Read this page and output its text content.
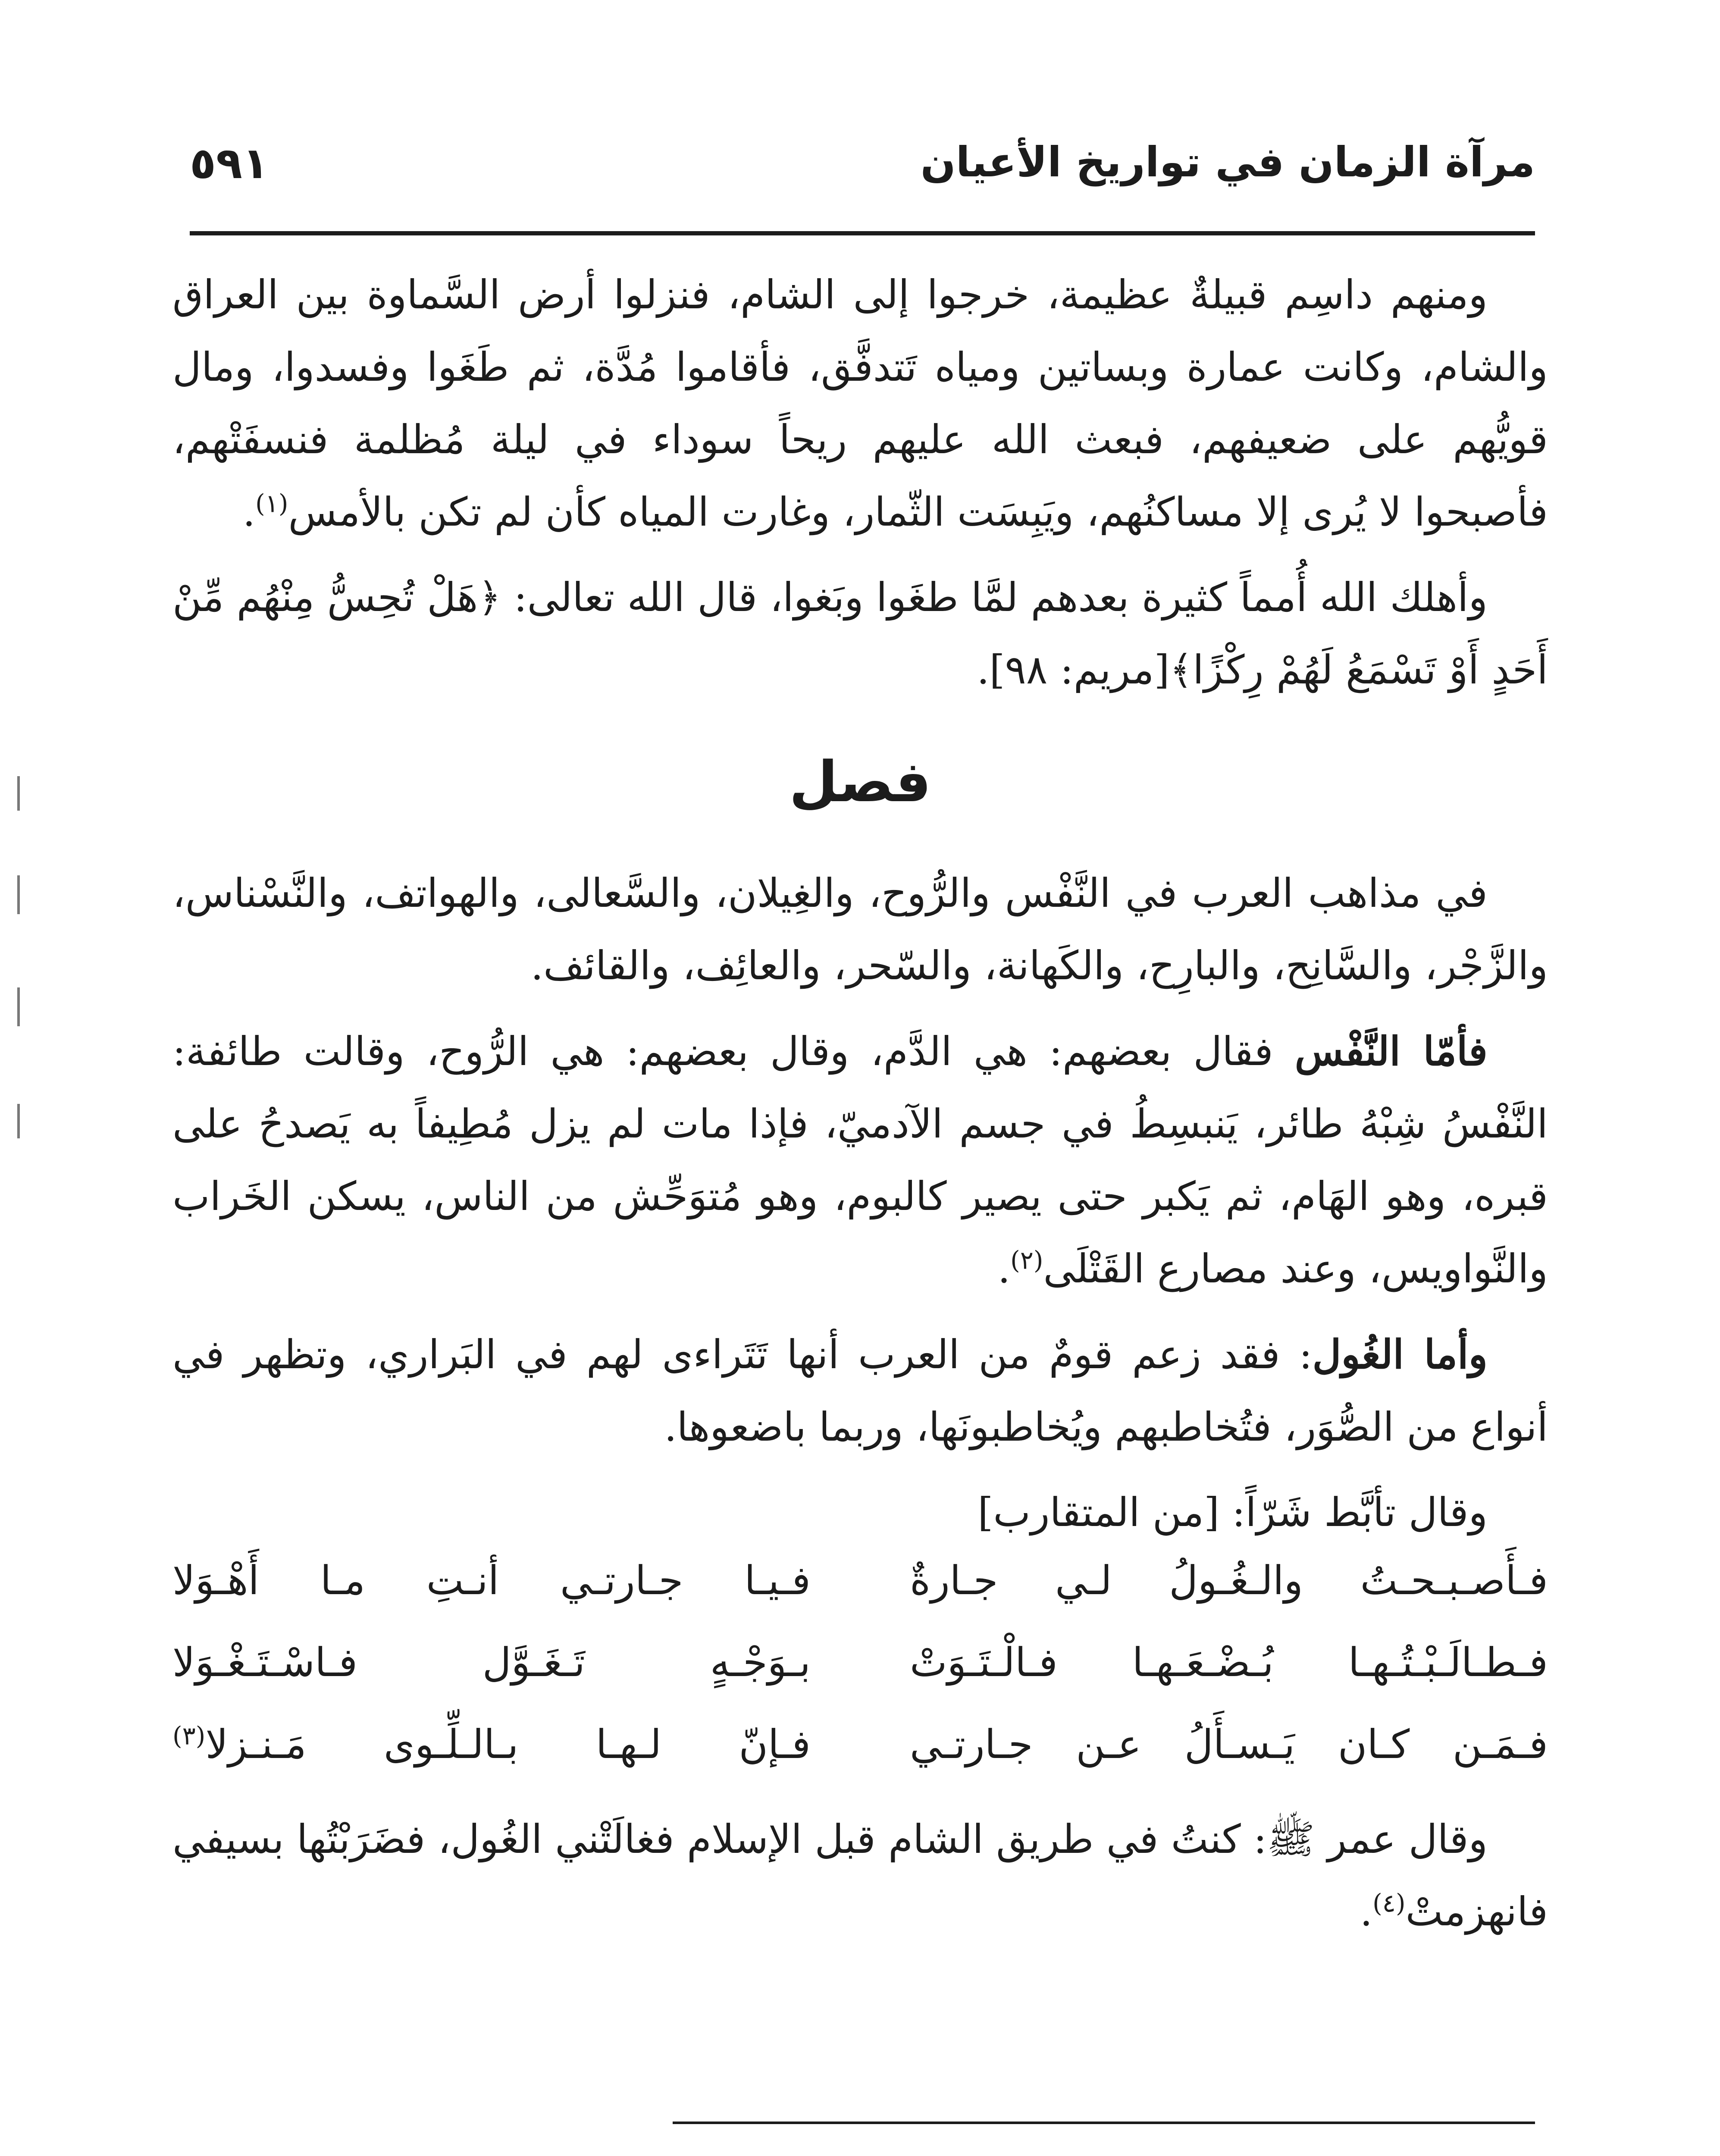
مرآة الزمان في تواريخ الأعيان
٥٩١

ومنهم داسِم قبيلةٌ عظيمة، خرجوا إلى الشام، فنزلوا أرض السَّماوة بين العراق والشام، وكانت عمارة وبساتين ومياه تَتدفَّق، فأقاموا مُدَّة، ثم طَغَوا وفسدوا، ومال قويُّهم على ضعيفهم، فبعث الله عليهم ريحاً سوداء في ليلة مُظلمة فنسفَتْهم، فأصبحوا لا يُرى إلا مساكنُهم، ويَبِسَت الثّمار، وغارت المياه كأن لم تكن بالأمس$^{(١)}$.

وأهلك الله أُمماً كثيرة بعدهم لمَّا طغَوا وبَغوا، قال الله تعالى: ﴿هَلْ تُحِسُّ مِنْهُم مِّنْ أَحَدٍ أَوْ تَسْمَعُ لَهُمْ رِكْزًا﴾[مريم: ٩٨].

فصل

في مذاهب العرب في النَّفْس والرُّوح، والغِيلان، والسَّعالى، والهواتف، والنَّسْناس، والزَّجْر، والسَّانِح، والبارِح، والكَهانة، والسّحر، والعائِف، والقائف.

فأمّا النَّفْس فقال بعضهم: هي الدَّم، وقال بعضهم: هي الرُّوح، وقالت طائفة: النَّفْسُ شِبْهُ طائر، يَنبسِطُ في جسم الآدميّ، فإذا مات لم يزل مُطِيفاً به يَصدحُ على قبره، وهو الهَام، ثم يَكبر حتى يصير كالبوم، وهو مُتوَحِّش من الناس، يسكن الخَراب والنَّواويس، وعند مصارع القَتْلَى$^{(٢)}$.

وأما الغُول: فقد زعم قومٌ من العرب أنها تَتَراءى لهم في البَراري، وتظهر في أنواع من الصُّوَر، فتُخاطبهم ويُخاطبونَها، وربما باضعوها.

وقال تأبَّط شَرّاً: [من المتقارب]
فـأَصـبـحـتُ والـغُـولُ لـي جـارةٌ
فـيـا جـارتـي أنـتِ مـا أَهْـوَلا
فـطـالَـبْـتُـهـا بُـضْـعَـهـا فـالْـتَـوَتْ
بـوَجْـهٍ تَـغَـوَّل فـاسْـتَـغْـوَلا
فـمَـن كـان يَـسـأَلُ عـن جـارتـي
فـإنّ لـهـا بـالـلِّـوى مَـنـزلا$^{(٣)}$

وقال عمر ﷺ: كنتُ في طريق الشام قبل الإسلام فغالَتْني الغُول، فضَرَبْتُها بسيفي فانهزمتْ$^{(٤)}$.
